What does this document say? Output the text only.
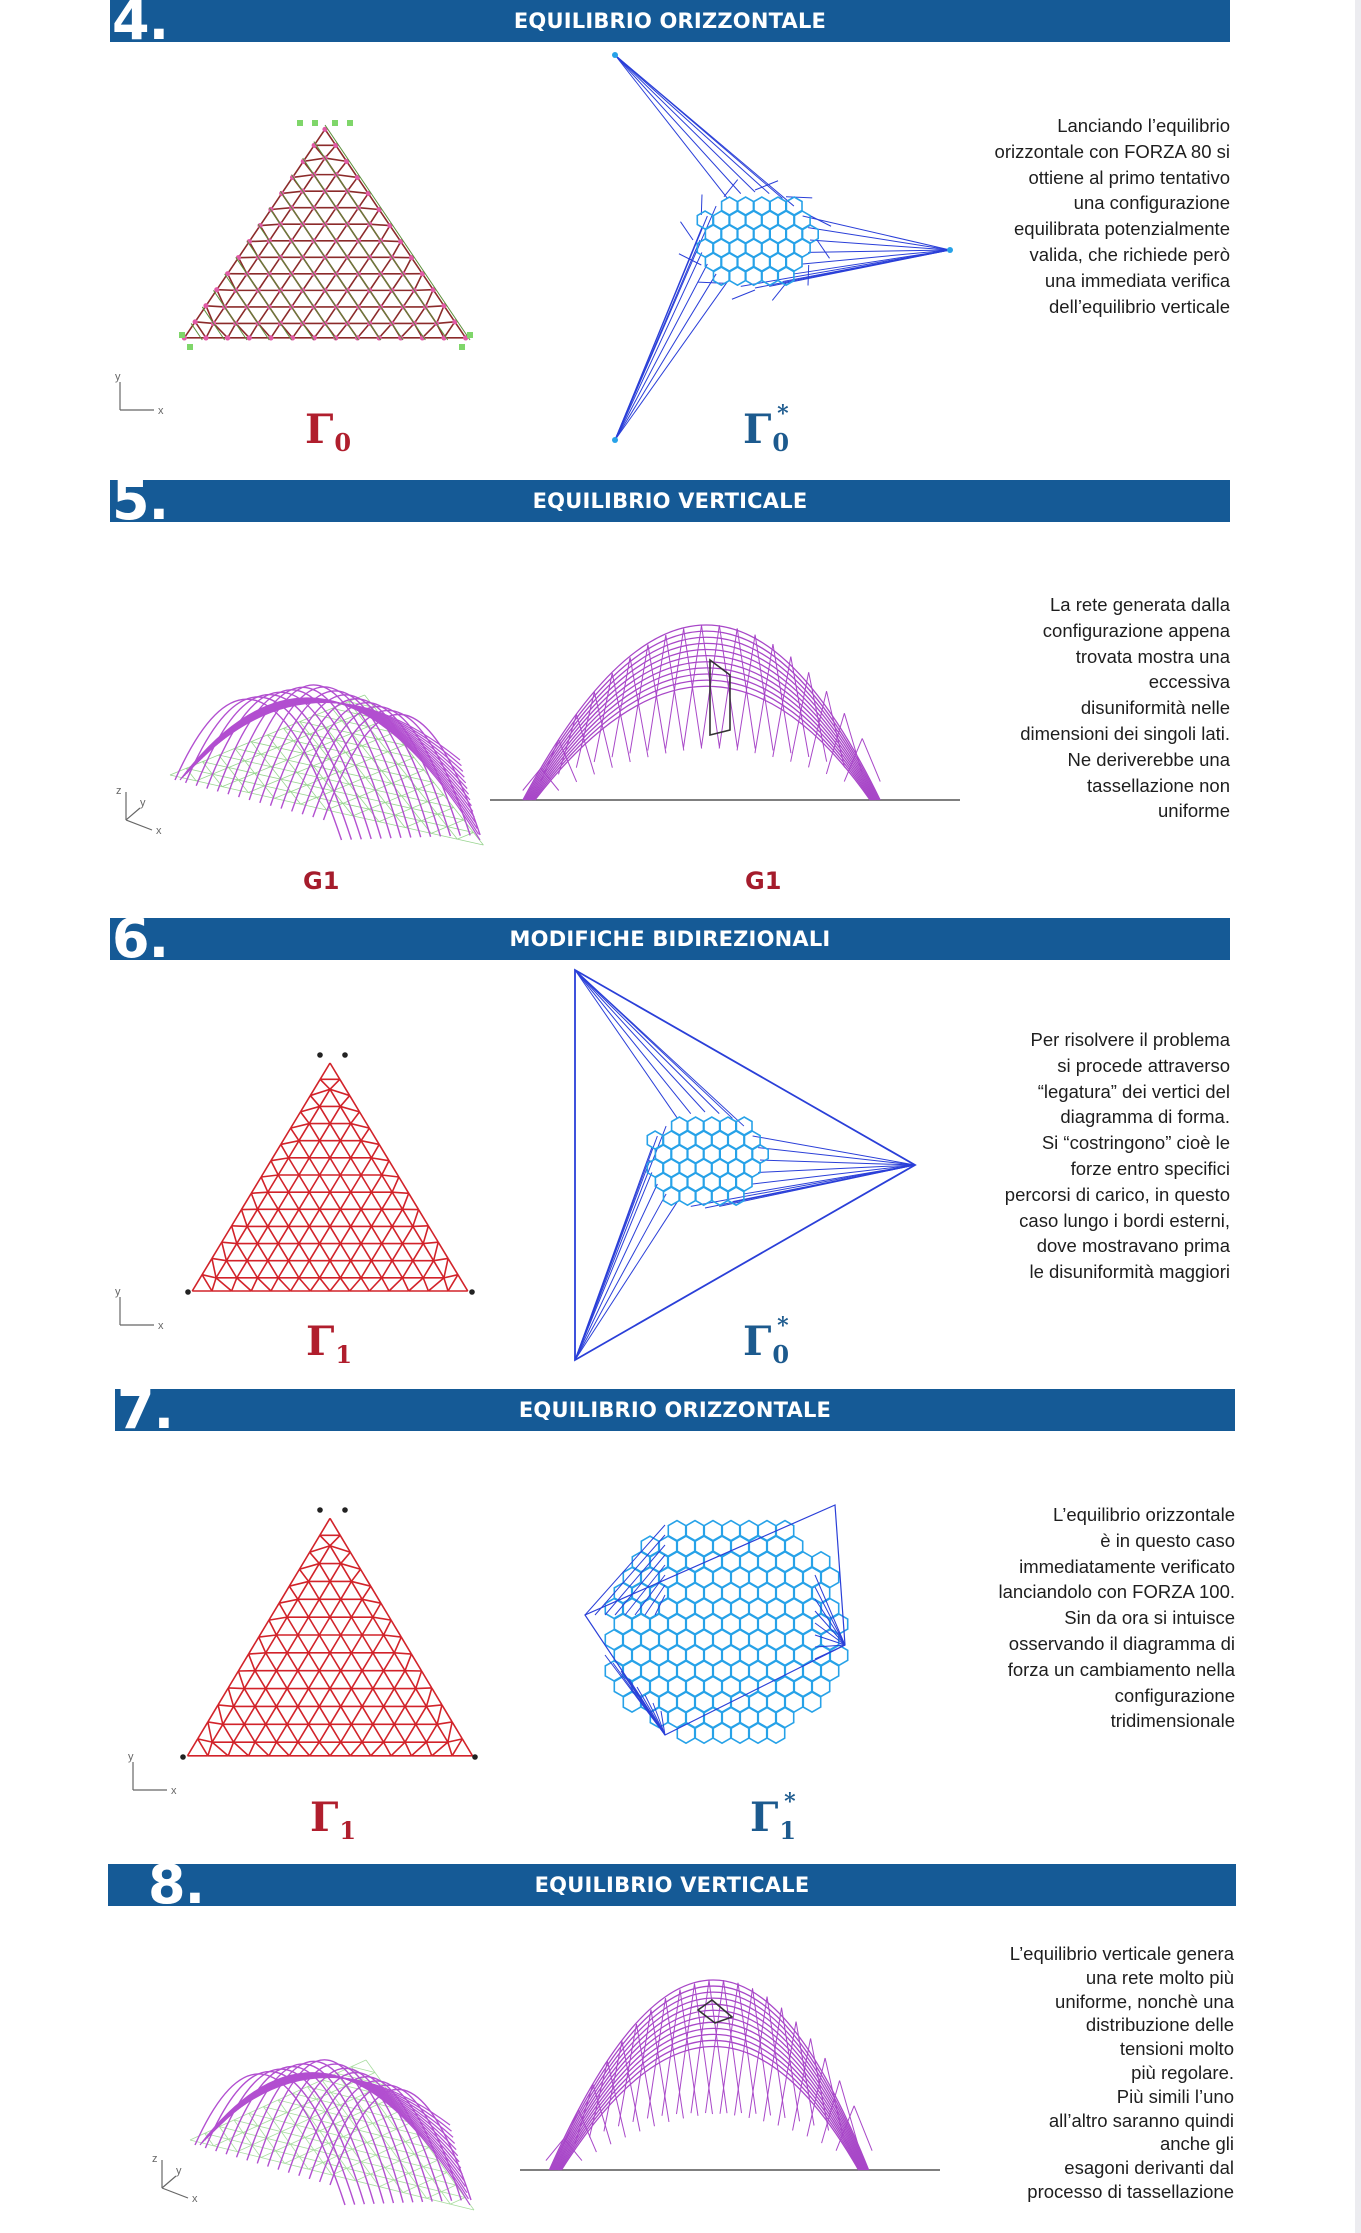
4.	EQUILIBRIO ORIZZONTALE
y
x
Lanciando l’equilibrio
orizzontale con FORZA 80 si
ottiene al primo tentativo
una configurazione
equilibrata potenzialmente
valida, che richiede però
una immediata verifica
dell’equilibrio verticale
$\Gamma_0$	$\Gamma_0^*$
5.	EQUILIBRIO VERTICALE
z
y
x
La rete generata dalla
configurazione appena
trovata mostra una
eccessiva
disuniformità nelle
dimensioni dei singoli lati.
Ne deriverebbe una
tassellazione non
uniforme
G1	G1
6.	MODIFICHE BIDIREZIONALI
y
x
Per risolvere il problema
si procede attraverso
“legatura” dei vertici del
diagramma di forma.
Si “costringono” cioè le
forze entro specifici
percorsi di carico, in questo
caso lungo i bordi esterni,
dove mostravano prima
le disuniformità maggiori
$\Gamma_1$	$\Gamma_0^*$
7.	EQUILIBRIO ORIZZONTALE
y
x
L’equilibrio orizzontale
è in questo caso
immediatamente verificato
lanciandolo con FORZA 100.
Sin da ora si intuisce
osservando il diagramma di
forza un cambiamento nella
configurazione
tridimensionale
$\Gamma_1$	$\Gamma_1^*$
8.	EQUILIBRIO VERTICALE
z
y
x
L’equilibrio verticale genera
una rete molto più
uniforme, nonchè una
distribuzione delle
tensioni molto
più regolare.
Più simili l’uno
all’altro saranno quindi
anche gli
esagoni derivanti dal
processo di tassellazione
